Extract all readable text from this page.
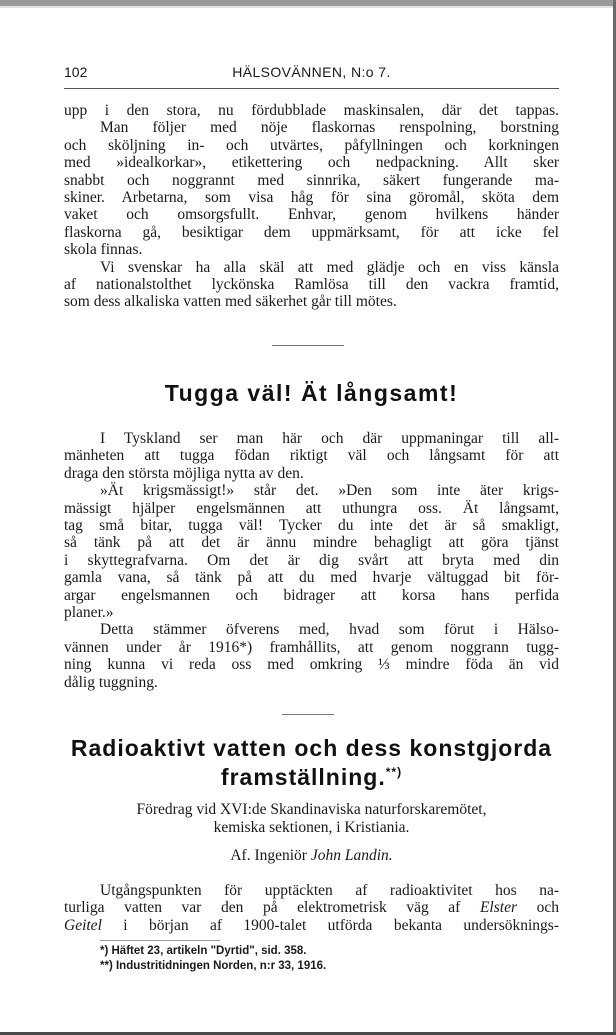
102	HÄLSOVÄNNEN, N:o 7.
upp i den stora, nu fördubblade maskinsalen, där det tappas.
Man följer med nöje flaskornas renspolning, borstning
och sköljning in- och utvärtes, påfyllningen och korkningen
med »idealkorkar», etikettering och nedpackning. Allt sker
snabbt och noggrannt med sinnrika, säkert fungerande ma-
skiner. Arbetarna, som visa håg för sina göromål, sköta dem
vaket och omsorgsfullt. Enhvar, genom hvilkens händer
flaskorna gå, besiktigar dem uppmärksamt, för att icke fel
skola finnas.
Vi svenskar ha alla skäl att med glädje och en viss känsla
af nationalstolthet lyckönska Ramlösa till den vackra framtid,
som dess alkaliska vatten med säkerhet går till mötes.
Tugga väl! Ät långsamt!
I Tyskland ser man här och där uppmaningar till all-
mänheten att tugga födan riktigt väl och långsamt för att
draga den största möjliga nytta av den.
»Ät krigsmässigt!» står det. »Den som inte äter krigs-
mässigt hjälper engelsmännen att uthungra oss. Ät långsamt,
tag små bitar, tugga väl! Tycker du inte det är så smakligt,
så tänk på att det är ännu mindre behagligt att göra tjänst
i skyttegrafvarna. Om det är dig svårt att bryta med din
gamla vana, så tänk på att du med hvarje vältuggad bit för-
argar engelsmannen och bidrager att korsa hans perfida
planer.»
Detta stämmer öfverens med, hvad som förut i Hälso-
vännen under år 1916*) framhållits, att genom noggrann tugg-
ning kunna vi reda oss med omkring ⅓ mindre föda än vid
dålig tuggning.
Radioaktivt vatten och dess konstgjorda
framställning.**)
Föredrag vid XVI:de Skandinaviska naturforskaremötet,
kemiska sektionen, i Kristiania.
Af. Ingeniör John Landin.
Utgångspunkten för upptäckten af radioaktivitet hos na-
turliga vatten var den på elektrometrisk väg af Elster och
Geitel i början af 1900-talet utförda bekanta undersöknings-
*) Häftet 23, artikeln "Dyrtid", sid. 358.
**) Industritidningen Norden, n:r 33, 1916.
